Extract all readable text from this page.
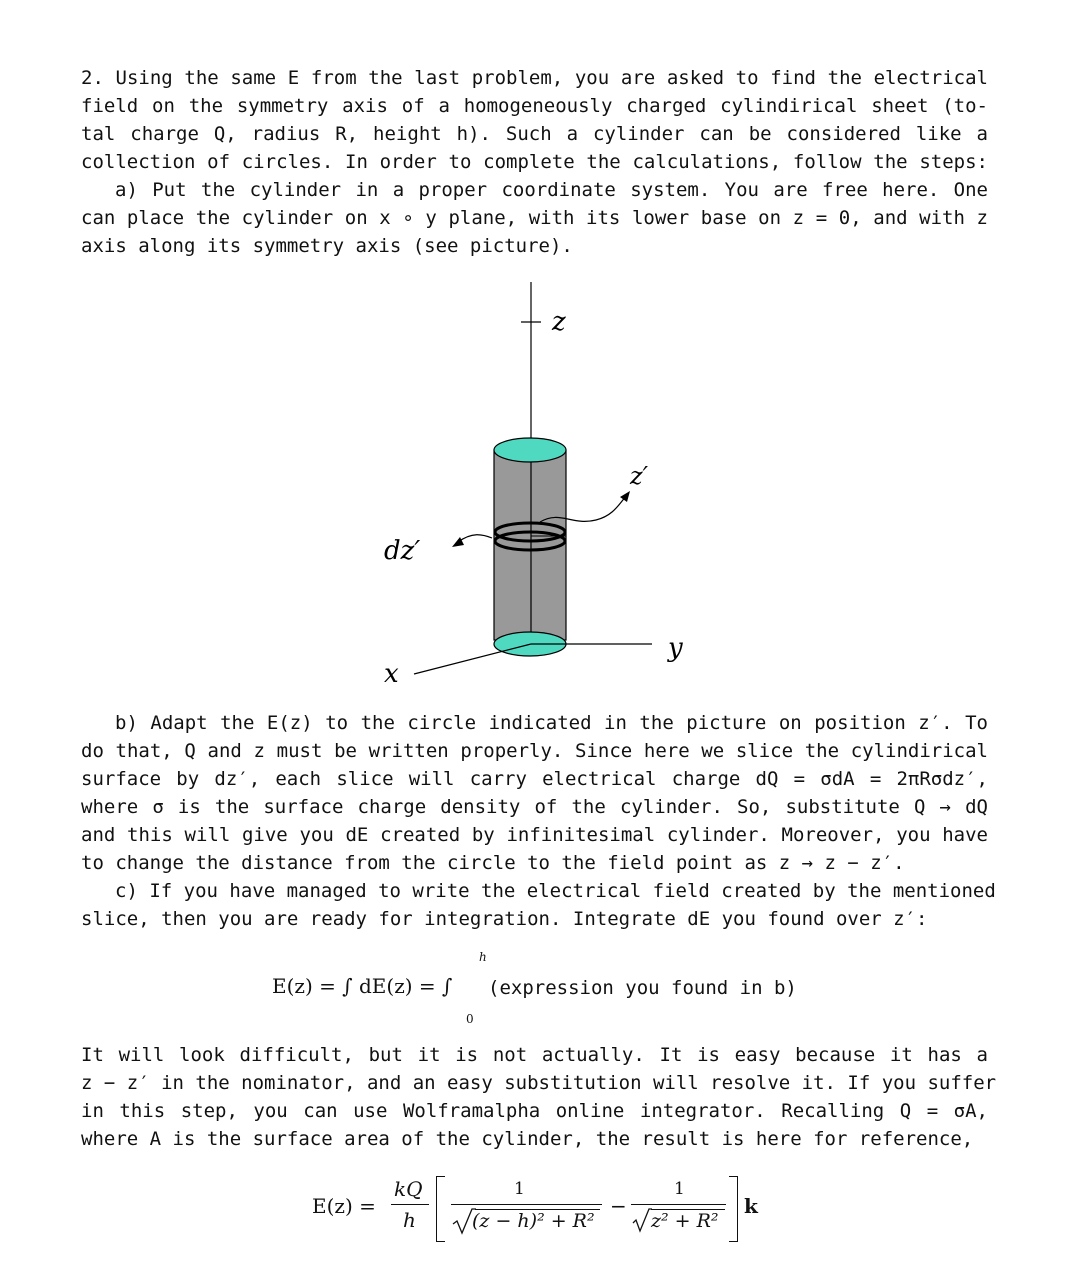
2. Using the same E from the last problem, you are asked to find the electrical
field on the symmetry axis of a homogeneously charged cylindirical sheet (to-
tal charge Q, radius R, height h). Such a cylinder can be considered like a
collection of circles. In order to complete the calculations, follow the steps:
a) Put the cylinder in a proper coordinate system. You are free here. One
can place the cylinder on x ∘ y plane, with its lower base on z = 0, and with z
axis along its symmetry axis (see picture).
z
x
y
z′
dz′
b) Adapt the E(z) to the circle indicated in the picture on position z′. To
do that, Q and z must be written properly. Since here we slice the cylindirical
surface by dz′, each slice will carry electrical charge dQ = σdA = 2πRσdz′,
where σ is the surface charge density of the cylinder. So, substitute Q → dQ
and this will give you dE created by infinitesimal cylinder. Moreover, you have
to change the distance from the circle to the field point as z → z − z′.
c) If you have managed to write the electrical field created by the mentioned
slice, then you are ready for integration. Integrate dE you found over z′:
E(z) = ∫ dE(z) = ∫
h
0
(expression you found in b)
It will look difficult, but it is not actually. It is easy because it has a
z − z′ in the nominator, and an easy substitution will resolve it. If you suffer
in this step, you can use Wolframalpha online integrator. Recalling Q = σA,
where A is the surface area of the cylinder, the result is here for reference,
E(z) =
kQ
h
1
(z − h)² + R²
−
1
z² + R²
k
